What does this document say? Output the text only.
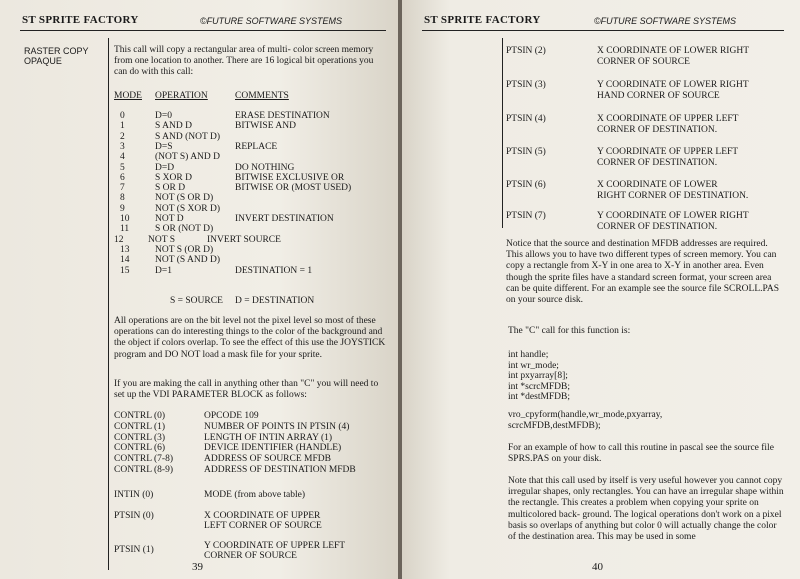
ST SPRITE FACTORY	©FUTURE SOFTWARE SYSTEMS
RASTER COPY
OPAQUE
This call will copy a rectangular area of multi- color screen memory from one location to another. There are 16 logical bit operations you can do with this call:
MODE OPERATION	COMMENTS
0	D=0	ERASE DESTINATION
1	S AND D	BITWISE AND
2	S AND (NOT D)
3	D=S	REPLACE
4	(NOT S) AND D
5	D=D	DO NOTHING
6	S XOR D	BITWISE EXCLUSIVE OR
7	S OR D	BITWISE OR (MOST USED)
8	NOT (S OR D)
9	NOT (S XOR D)
10	NOT D	INVERT DESTINATION
11	S OR (NOT D)
12	NOT S	INVERT SOURCE
13	NOT S (OR D)
14	NOT (S AND D)
15	D=1	DESTINATION = 1
S = SOURCE D = DESTINATION
All operations are on the bit level not the pixel level so most of these operations can do interesting things to the color of the background and the object if colors overlap. To see the effect of this use the JOYSTICK program and DO NOT load a mask file for your sprite.
If you are making the call in anything other than "C" you will need to set up the VDI PARAMETER BLOCK as follows:
CONTRL (0)	OPCODE 109
CONTRL (1)	NUMBER OF POINTS IN PTSIN (4)
CONTRL (3)	LENGTH OF INTIN ARRAY (1)
CONTRL (6)	DEVICE IDENTIFIER (HANDLE)
CONTRL (7-8)	ADDRESS OF SOURCE MFDB
CONTRL (8-9)	ADDRESS OF DESTINATION MFDB
INTIN (0)	MODE (from above table)
PTSIN (0)	X COORDINATE OF UPPER
LEFT CORNER OF SOURCE
PTSIN (1)	Y COORDINATE OF UPPER LEFT
CORNER OF SOURCE
39
ST SPRITE FACTORY	©FUTURE SOFTWARE SYSTEMS
PTSIN (2)	X COORDINATE OF LOWER RIGHT
CORNER OF SOURCE
PTSIN (3)	Y COORDINATE OF LOWER RIGHT
HAND CORNER OF SOURCE
PTSIN (4)	X COORDINATE OF UPPER LEFT
CORNER OF DESTINATION.
PTSIN (5)	Y COORDINATE OF UPPER LEFT
CORNER OF DESTINATION.
PTSIN (6)	X COORDINATE OF LOWER
RIGHT CORNER OF DESTINATION.
PTSIN (7)	Y COORDINATE OF LOWER RIGHT
CORNER OF DESTINATION.
Notice that the source and destination MFDB addresses are required. This allows you to have two different types of screen memory. You can copy a rectangle from X-Y in one area to X-Y in another area. Even though the sprite files have a standard screen format, your screen area can be quite different. For an example see the source file SCROLL.PAS on your source disk.
The "C" call for this function is:
int handle;
int wr_mode;
int pxyarray[8];
int *scrcMFDB;
int *destMFDB;
vro_cpyform(handle,wr_mode,pxyarray,
scrcMFDB,destMFDB);
For an example of how to call this routine in pascal see the source file SPRS.PAS on your disk.
Note that this call used by itself is very useful however you cannot copy irregular shapes, only rectangles. You can have an irregular shape within the rectangle. This creates a problem when copying your sprite on multicolored back- ground. The logical operations don't work on a pixel basis so overlaps of anything but color 0 will actually change the color of the destination area. This may be used in some
40
